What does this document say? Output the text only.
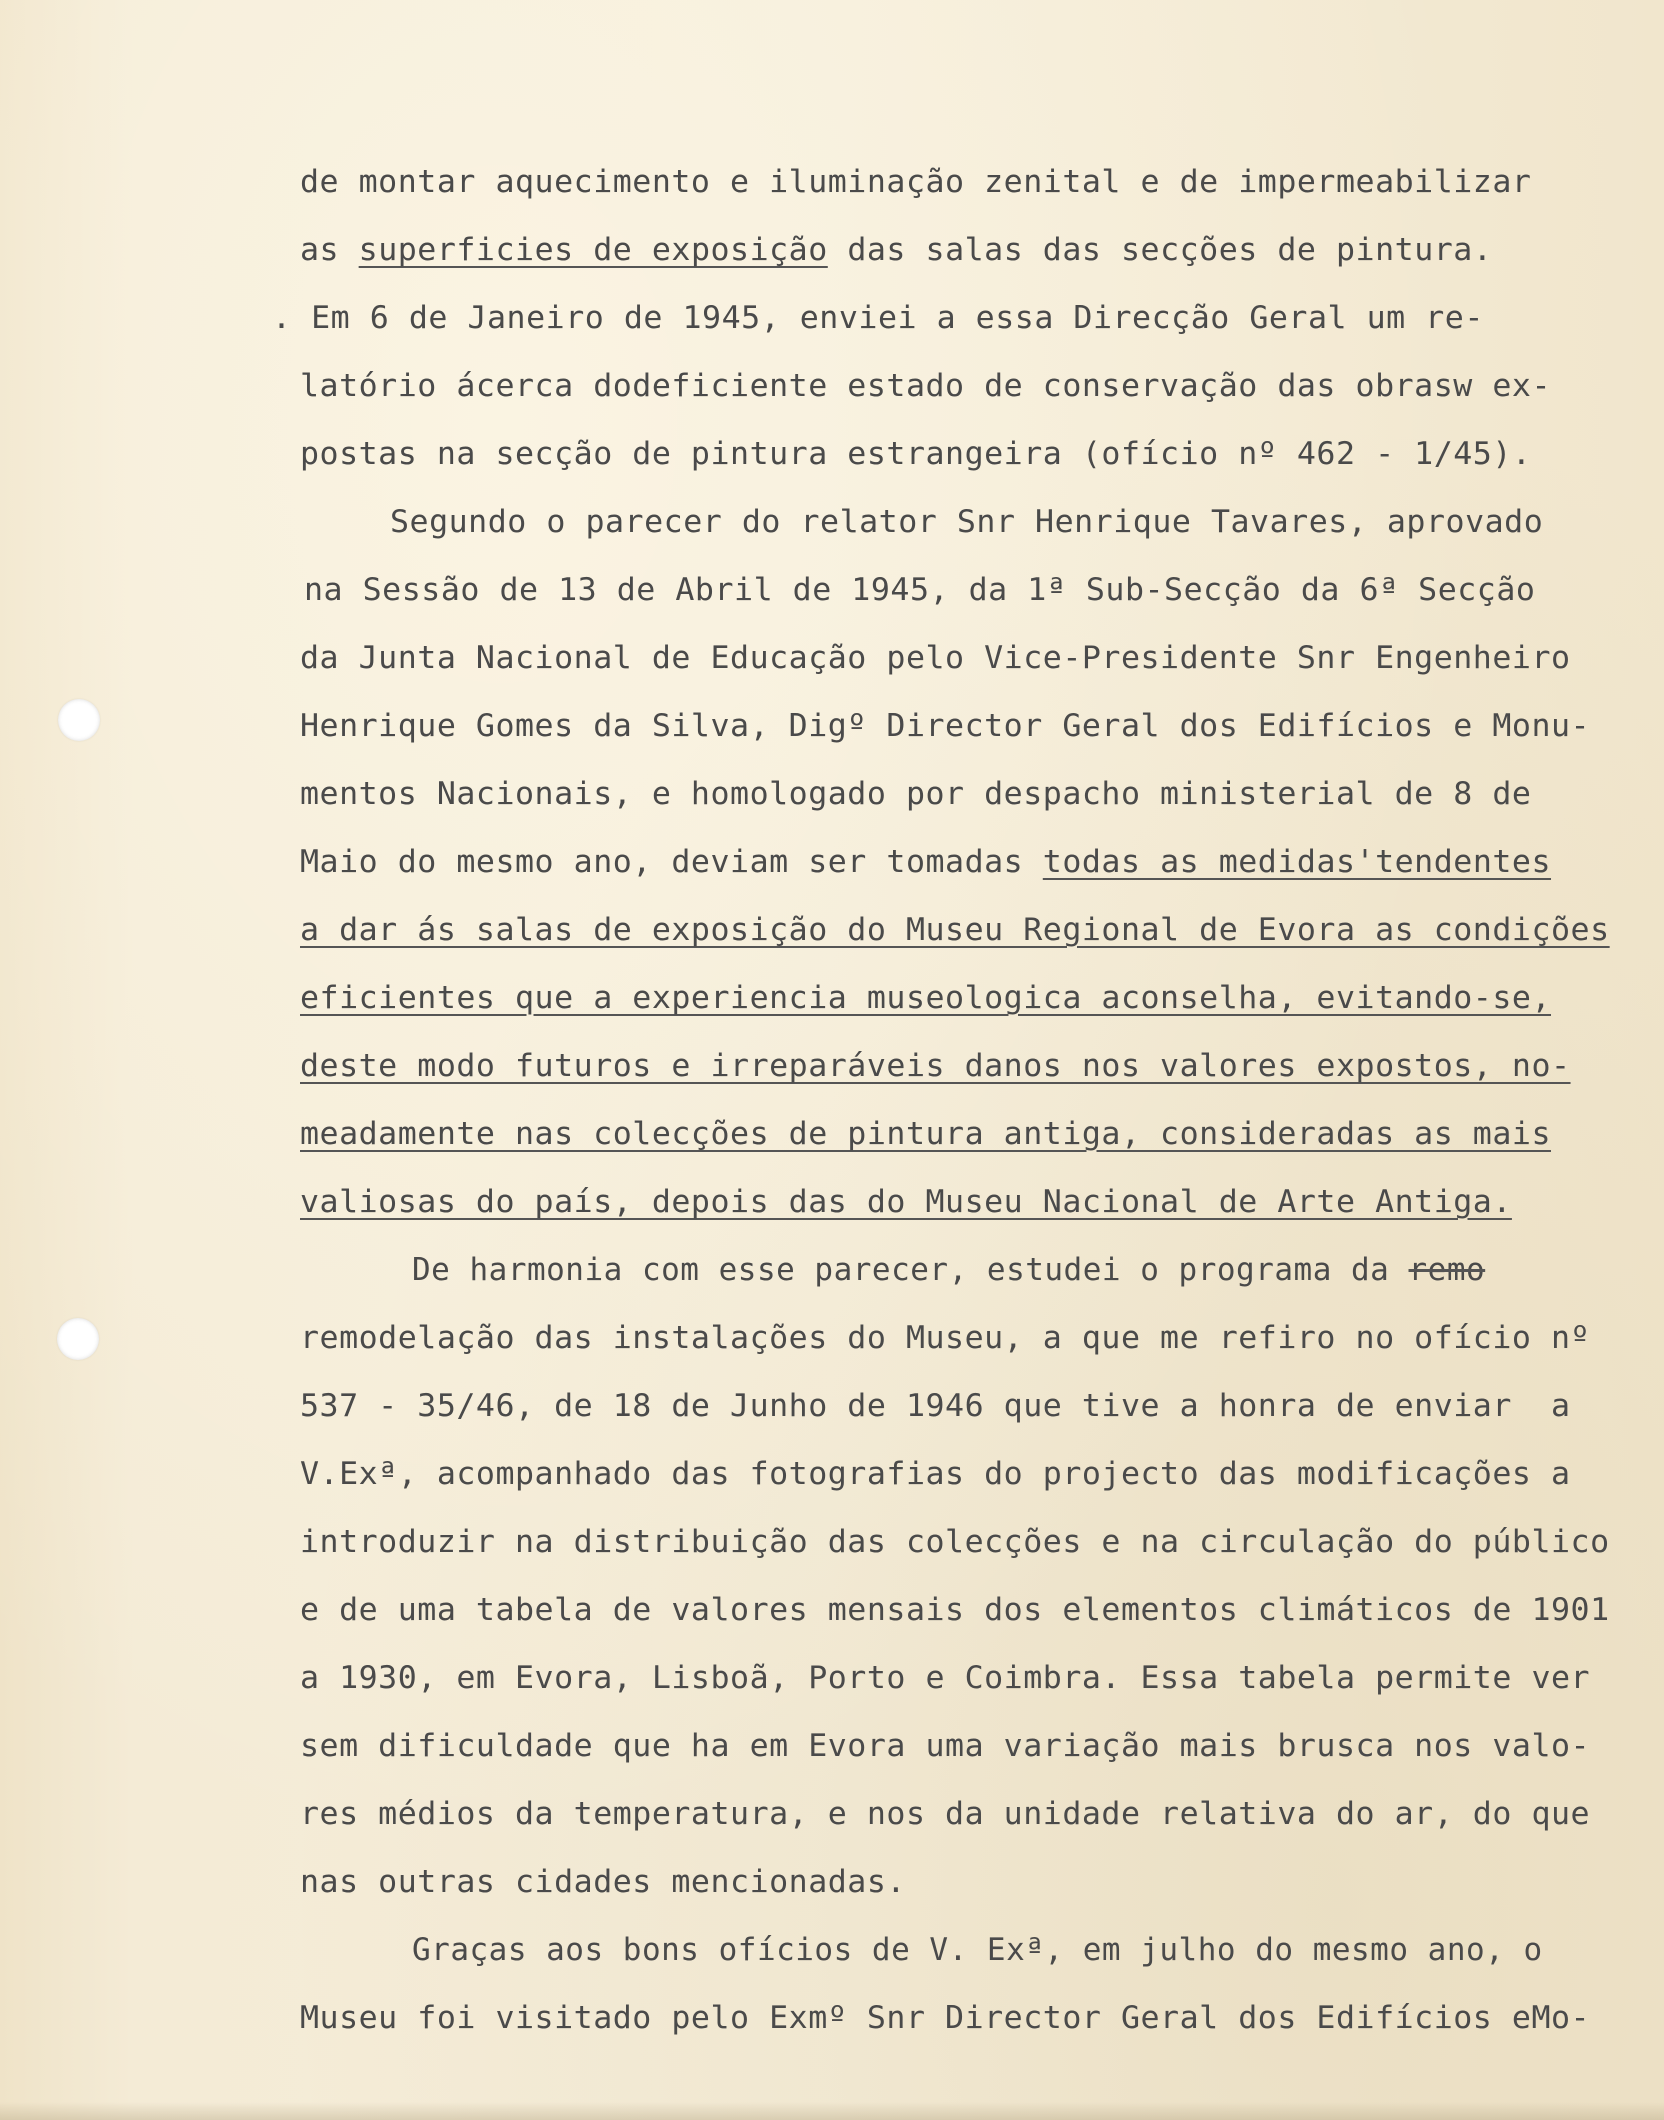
de montar aquecimento e iluminação zenital e de impermeabilizar
as superficies de exposição das salas das secções de pintura.
. Em 6 de Janeiro de 1945, enviei a essa Direcção Geral um re-
latório ácerca dodeficiente estado de conservação das obrasw ex-
postas na secção de pintura estrangeira (ofício nº 462 - 1/45).
Segundo o parecer do relator Snr Henrique Tavares, aprovado
na Sessão de 13 de Abril de 1945, da 1ª Sub-Secção da 6ª Secção
da Junta Nacional de Educação pelo Vice-Presidente Snr Engenheiro
Henrique Gomes da Silva, Digº Director Geral dos Edifícios e Monu-
mentos Nacionais, e homologado por despacho ministerial de 8 de
Maio do mesmo ano, deviam ser tomadas todas as medidas'tendentes
a dar ás salas de exposição do Museu Regional de Evora as condições
eficientes que a experiencia museologica aconselha, evitando-se,
deste modo futuros e irreparáveis danos nos valores expostos, no-
meadamente nas colecções de pintura antiga, consideradas as mais
valiosas do país, depois das do Museu Nacional de Arte Antiga.
De harmonia com esse parecer, estudei o programa da remo
remodelação das instalações do Museu, a que me refiro no ofício nº
537 - 35/46, de 18 de Junho de 1946 que tive a honra de enviar  a
V.Exª, acompanhado das fotografias do projecto das modificações a
introduzir na distribuição das colecções e na circulação do público
e de uma tabela de valores mensais dos elementos climáticos de 1901
a 1930, em Evora, Lisboã, Porto e Coimbra. Essa tabela permite ver
sem dificuldade que ha em Evora uma variação mais brusca nos valo-
res médios da temperatura, e nos da unidade relativa do ar, do que
nas outras cidades mencionadas.
Graças aos bons ofícios de V. Exª, em julho do mesmo ano, o
Museu foi visitado pelo Exmº Snr Director Geral dos Edifícios eMo-
